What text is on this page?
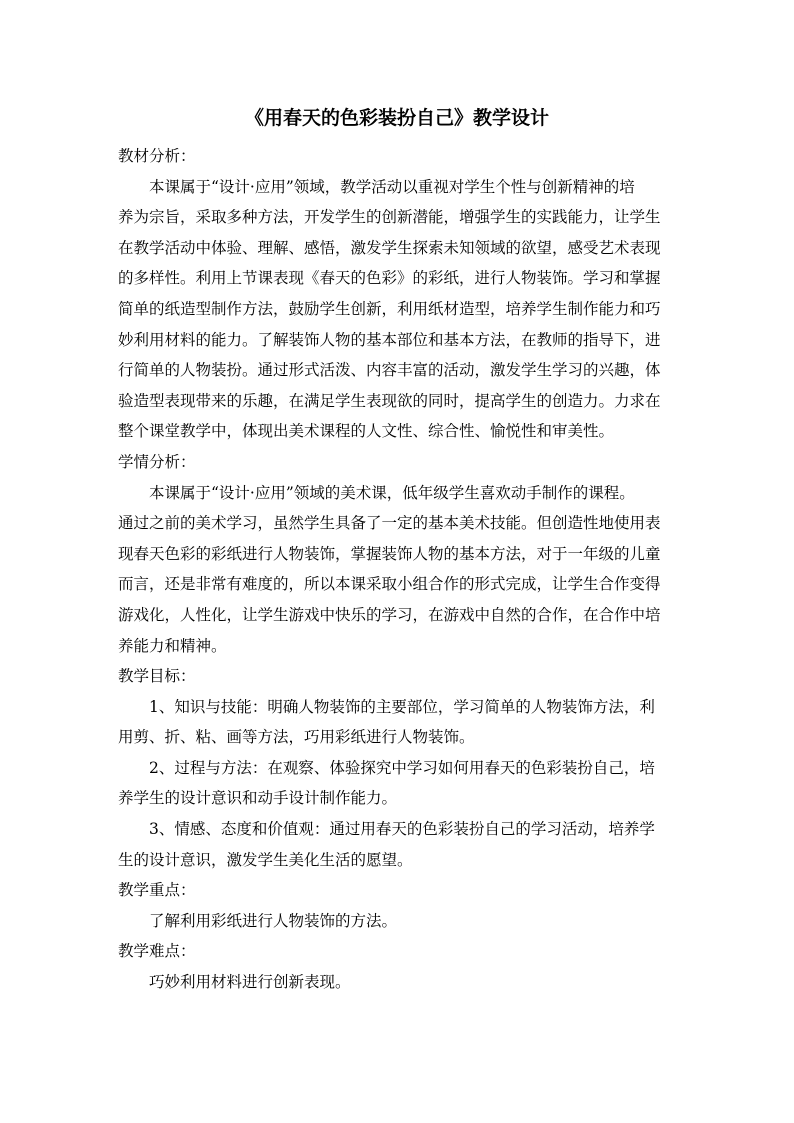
《用春天的色彩装扮自己》教学设计
教材分析：
本课属于“设计·应用”领域，教学活动以重视对学生个性与创新精神的培
养为宗旨，采取多种方法，开发学生的创新潜能，增强学生的实践能力，让学生
在教学活动中体验、理解、感悟，激发学生探索未知领域的欲望，感受艺术表现
的多样性。利用上节课表现《春天的色彩》的彩纸，进行人物装饰。学习和掌握
简单的纸造型制作方法，鼓励学生创新，利用纸材造型，培养学生制作能力和巧
妙利用材料的能力。了解装饰人物的基本部位和基本方法，在教师的指导下，进
行简单的人物装扮。通过形式活泼、内容丰富的活动，激发学生学习的兴趣，体
验造型表现带来的乐趣，在满足学生表现欲的同时，提高学生的创造力。力求在
整个课堂教学中，体现出美术课程的人文性、综合性、愉悦性和审美性。
学情分析：
本课属于“设计·应用”领域的美术课，低年级学生喜欢动手制作的课程。
通过之前的美术学习，虽然学生具备了一定的基本美术技能。但创造性地使用表
现春天色彩的彩纸进行人物装饰，掌握装饰人物的基本方法，对于一年级的儿童
而言，还是非常有难度的，所以本课采取小组合作的形式完成，让学生合作变得
游戏化，人性化，让学生游戏中快乐的学习，在游戏中自然的合作，在合作中培
养能力和精神。
教学目标：
1、知识与技能：明确人物装饰的主要部位，学习简单的人物装饰方法，利
用剪、折、粘、画等方法，巧用彩纸进行人物装饰。
2、过程与方法：在观察、体验探究中学习如何用春天的色彩装扮自己，培
养学生的设计意识和动手设计制作能力。
3、情感、态度和价值观：通过用春天的色彩装扮自己的学习活动，培养学
生的设计意识，激发学生美化生活的愿望。
教学重点：
了解利用彩纸进行人物装饰的方法。
教学难点：
巧妙利用材料进行创新表现。
